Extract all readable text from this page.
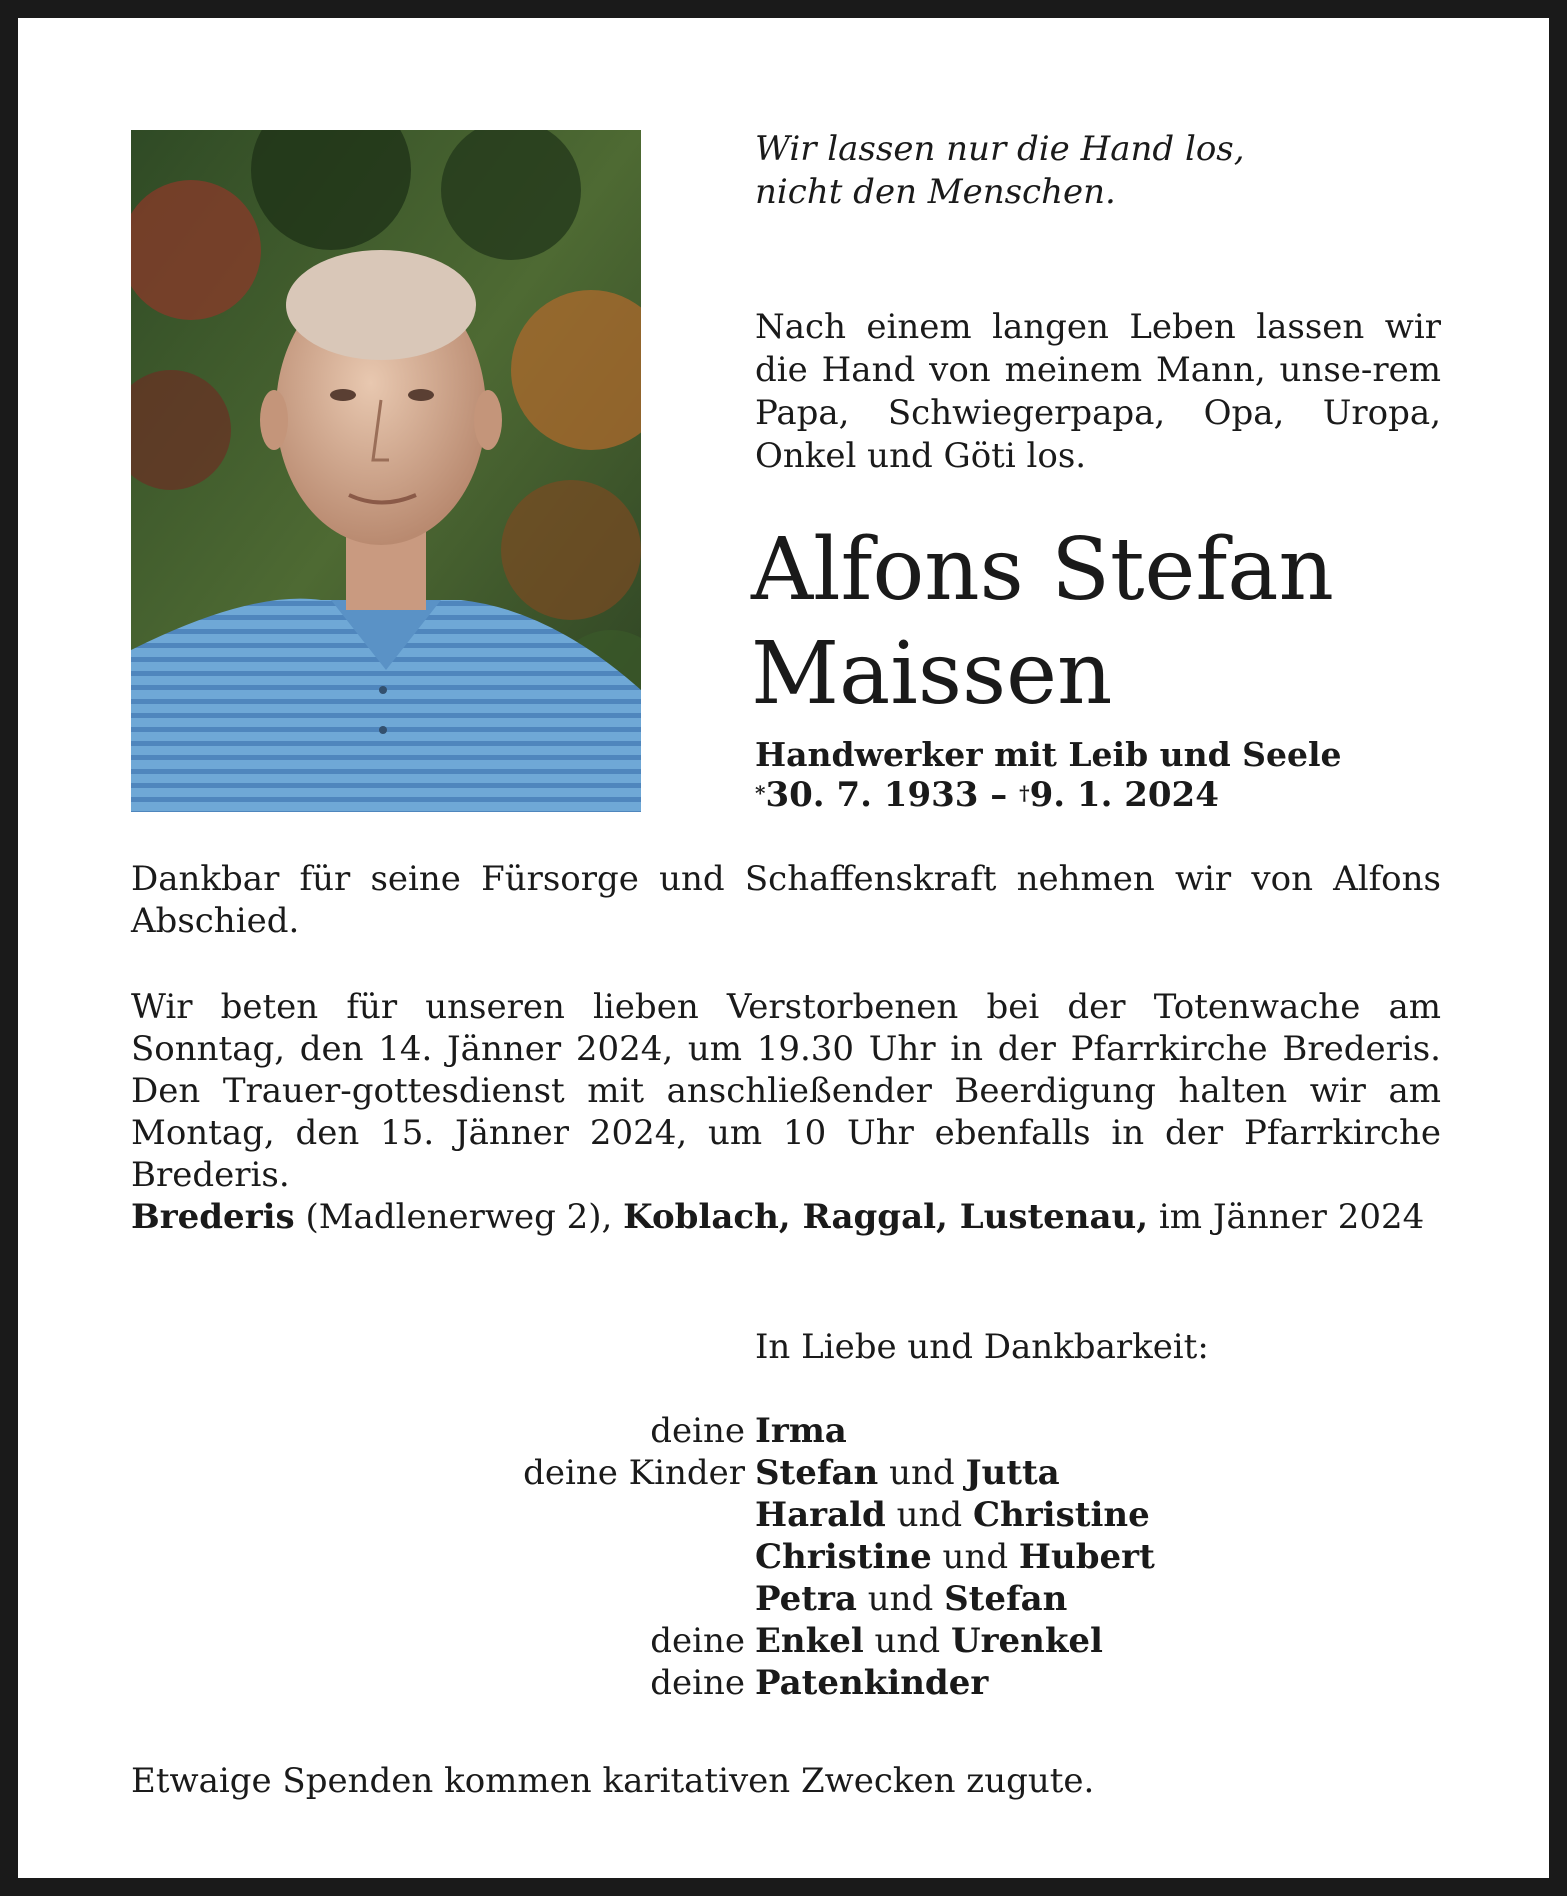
Wir lassen nur die Hand los,
nicht den Menschen.
Nach einem langen Leben lassen wir die Hand von meinem Mann, unse-rem Papa, Schwiegerpapa, Opa, Uropa, Onkel und Göti los.
Alfons Stefan
Maissen
Handwerker mit Leib und Seele
*30. 7. 1933 – †9. 1. 2024
Dankbar für seine Fürsorge und Schaffenskraft nehmen wir von Alfons Abschied.
Wir beten für unseren lieben Verstorbenen bei der Totenwache am Sonntag, den 14. Jänner 2024, um 19.30 Uhr in der Pfarrkirche Brederis. Den Trauer-gottesdienst mit anschließender Beerdigung halten wir am Montag, den 15. Jänner 2024, um 10 Uhr ebenfalls in der Pfarrkirche Brederis.
Brederis (Madlenerweg 2), Koblach, Raggal, Lustenau, im Jänner 2024
In Liebe und Dankbarkeit:
deine Irma
deine Kinder Stefan und Jutta
Harald und Christine
Christine und Hubert
Petra und Stefan
deine Enkel und Urenkel
deine Patenkinder
Etwaige Spenden kommen karitativen Zwecken zugute.
